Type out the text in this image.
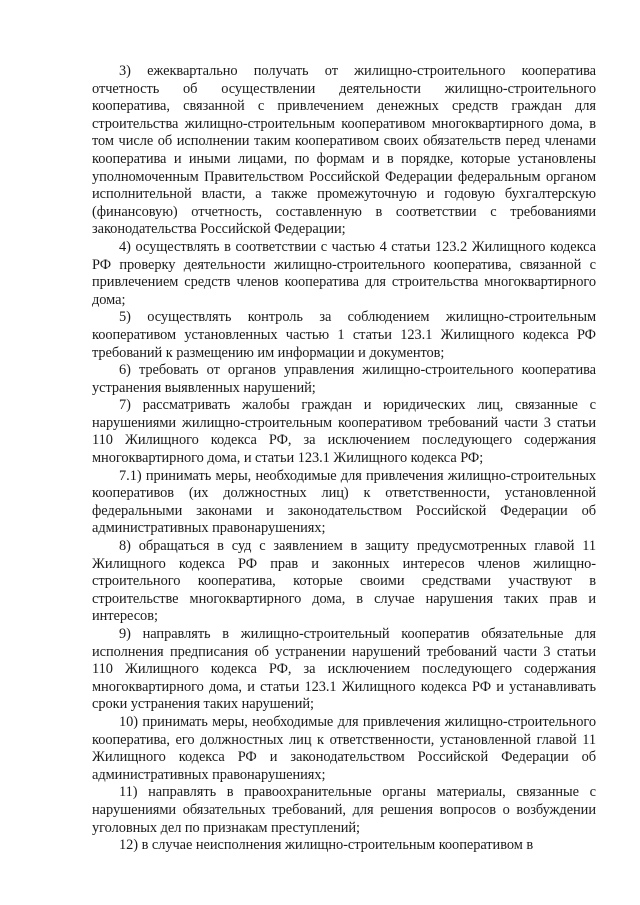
3) ежеквартально получать от жилищно-строительного кооператива отчетность об осуществлении деятельности жилищно-строительного кооператива, связанной с привлечением денежных средств граждан для строительства жилищно-строительным кооперативом многоквартирного дома, в том числе об исполнении таким кооперативом своих обязательств перед членами кооператива и иными лицами, по формам и в порядке, которые установлены уполномоченным Правительством Российской Федерации федеральным органом исполнительной власти, а также промежуточную и годовую бухгалтерскую (финансовую) отчетность, составленную в соответствии с требованиями законодательства Российской Федерации;

4) осуществлять в соответствии с частью 4 статьи 123.2 Жилищного кодекса РФ проверку деятельности жилищно-строительного кооператива, связанной с привлечением средств членов кооператива для строительства многоквартирного дома;

5) осуществлять контроль за соблюдением жилищно-строительным кооперативом установленных частью 1 статьи 123.1 Жилищного кодекса РФ требований к размещению им информации и документов;

6) требовать от органов управления жилищно-строительного кооператива устранения выявленных нарушений;

7) рассматривать жалобы граждан и юридических лиц, связанные с нарушениями жилищно-строительным кооперативом требований части 3 статьи 110 Жилищного кодекса РФ, за исключением последующего содержания многоквартирного дома, и статьи 123.1 Жилищного кодекса РФ;

7.1) принимать меры, необходимые для привлечения жилищно-строительных кооперативов (их должностных лиц) к ответственности, установленной федеральными законами и законодательством Российской Федерации об административных правонарушениях;

8) обращаться в суд с заявлением в защиту предусмотренных главой 11 Жилищного кодекса РФ прав и законных интересов членов жилищно-строительного кооператива, которые своими средствами участвуют в строительстве многоквартирного дома, в случае нарушения таких прав и интересов;

9) направлять в жилищно-строительный кооператив обязательные для исполнения предписания об устранении нарушений требований части 3 статьи 110 Жилищного кодекса РФ, за исключением последующего содержания многоквартирного дома, и статьи 123.1 Жилищного кодекса РФ и устанавливать сроки устранения таких нарушений;

10) принимать меры, необходимые для привлечения жилищно-строительного кооператива, его должностных лиц к ответственности, установленной главой 11 Жилищного кодекса РФ и законодательством Российской Федерации об административных правонарушениях;

11) направлять в правоохранительные органы материалы, связанные с нарушениями обязательных требований, для решения вопросов о возбуждении уголовных дел по признакам преступлений;

12) в случае неисполнения жилищно-строительным кооперативом в
